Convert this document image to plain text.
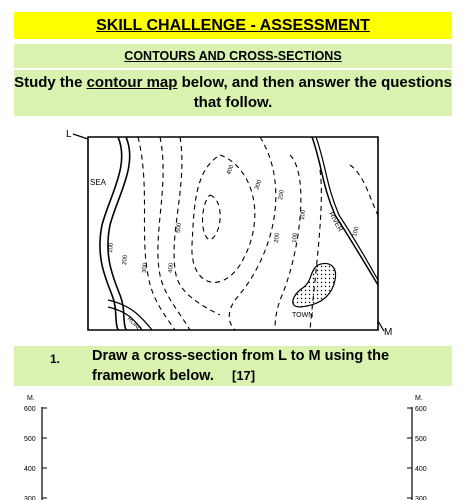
SKILL CHALLENGE - ASSESSMENT
CONTOURS AND CROSS-SECTIONS
Study the contour map below, and then answer the questions that follow.
L
M
SEA
ROAD
RIVER
TOWN
400
300
200
100
500
100
200
300	400
200 100
100
1. Draw a cross-section from L to M using the framework below. [17]
600
500
400
300
600
500
400
300
M.	M.
